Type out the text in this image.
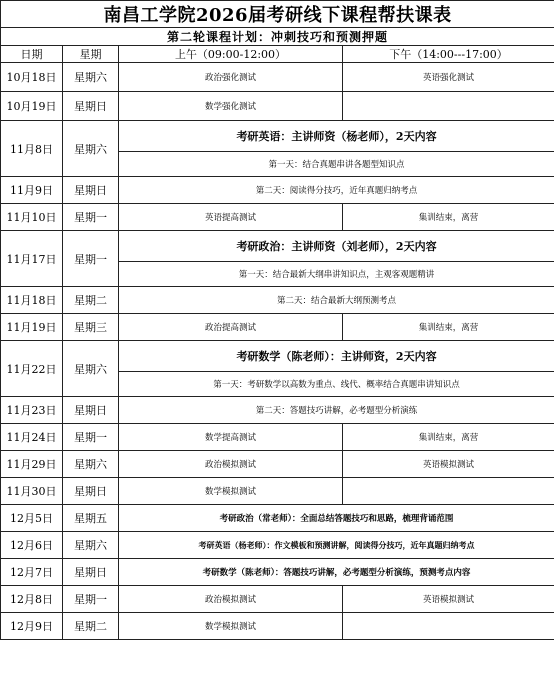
南昌工学院2026届考研线下课程帮扶课表			
第二轮课程计划：冲刺技巧和预测押题			
日期	星期	上午（09:00-12:00）	下午（14:00---17:00）
10月18日	星期六	政治强化测试	英语强化测试
10月19日	星期日	数学强化测试	
11月8日	星期六	考研英语：主讲师资（杨老师），2天内容	
		第一天：结合真题串讲各题型知识点	
11月9日	星期日	第二天：阅读得分技巧，近年真题归纳考点	
11月10日	星期一	英语提高测试	集训结束，离营
11月17日	星期一	考研政治：主讲师资（刘老师），2天内容	
		第一天：结合最新大纲串讲知识点，主观客观题精讲	
11月18日	星期二	第二天：结合最新大纲预测考点	
11月19日	星期三	政治提高测试	集训结束，离营
11月22日	星期六	考研数学（陈老师）：主讲师资，2天内容	
		第一天：考研数学以高数为重点、线代、概率结合真题串讲知识点	
11月23日	星期日	第二天：答题技巧讲解，必考题型分析演练	
11月24日	星期一	数学提高测试	集训结束，离营
11月29日	星期六	政治模拟测试	英语模拟测试
11月30日	星期日	数学模拟测试	
12月5日	星期五	考研政治（常老师）：全面总结答题技巧和思路，梳理背诵范围	
12月6日	星期六	考研英语（杨老师）：作文模板和预测讲解，阅读得分技巧，近年真题归纳考点	
12月7日	星期日	考研数学（陈老师）：答题技巧讲解，必考题型分析演练，预测考点内容	
12月8日	星期一	政治模拟测试	英语模拟测试
12月9日	星期二	数学模拟测试	
